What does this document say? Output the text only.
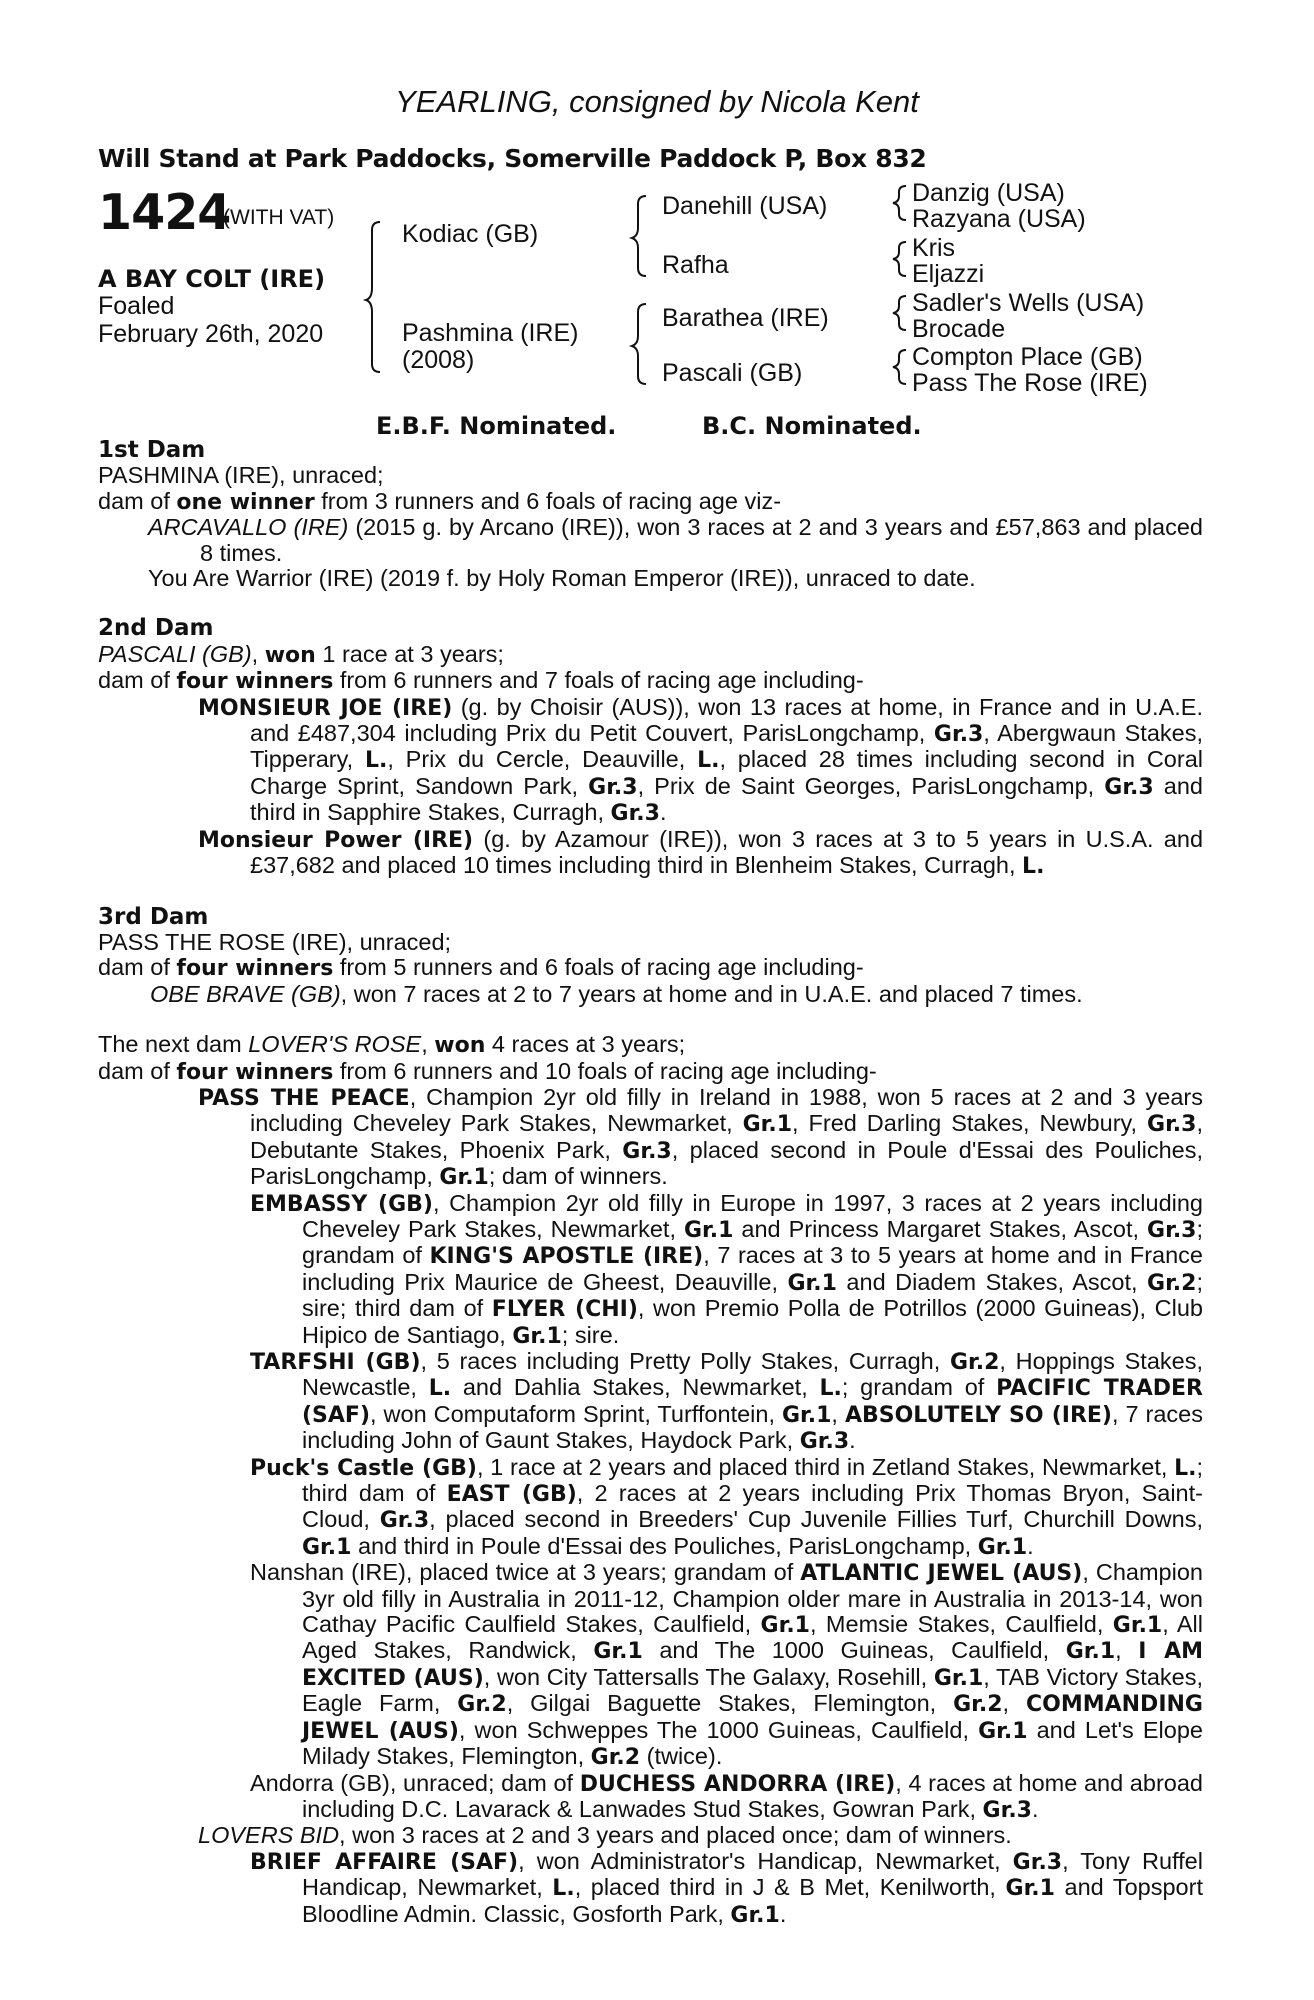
YEARLING, consigned by Nicola Kent
Will Stand at Park Paddocks, Somerville Paddock P, Box 832
1424
(WITH VAT)
A BAY COLT (IRE)
Foaled
February 26th, 2020
Kodiac (GB)
Pashmina (IRE)
(2008)
Danehill (USA)
Rafha
Barathea (IRE)
Pascali (GB)
Danzig (USA)
Razyana (USA)
Kris
Eljazzi
Sadler's Wells (USA)
Brocade
Compton Place (GB)
Pass The Rose (IRE)
E.B.F. Nominated.	B.C. Nominated.
1st Dam

PASHMINA (IRE), unraced;

dam of one winner from 3 runners and 6 foals of racing age viz-

ARCAVALLO (IRE) (2015 g. by Arcano (IRE)), won 3 races at 2 and 3 years and £57,863 and placed 8 times.

You Are Warrior (IRE) (2019 f. by Holy Roman Emperor (IRE)), unraced to date.

2nd Dam

PASCALI (GB), won 1 race at 3 years;

dam of four winners from 6 runners and 7 foals of racing age including-

MONSIEUR JOE (IRE) (g. by Choisir (AUS)), won 13 races at home, in France and in U.A.E. and £487,304 including Prix du Petit Couvert, ParisLongchamp, Gr.3, Abergwaun Stakes, Tipperary, L., Prix du Cercle, Deauville, L., placed 28 times including second in Coral Charge Sprint, Sandown Park, Gr.3, Prix de Saint Georges, ParisLongchamp, Gr.3 and third in Sapphire Stakes, Curragh, Gr.3.

Monsieur Power (IRE) (g. by Azamour (IRE)), won 3 races at 3 to 5 years in U.S.A. and £37,682 and placed 10 times including third in Blenheim Stakes, Curragh, L.

3rd Dam

PASS THE ROSE (IRE), unraced;

dam of four winners from 5 runners and 6 foals of racing age including-

OBE BRAVE (GB), won 7 races at 2 to 7 years at home and in U.A.E. and placed 7 times.

The next dam LOVER'S ROSE, won 4 races at 3 years;

dam of four winners from 6 runners and 10 foals of racing age including-

PASS THE PEACE, Champion 2yr old filly in Ireland in 1988, won 5 races at 2 and 3 years including Cheveley Park Stakes, Newmarket, Gr.1, Fred Darling Stakes, Newbury, Gr.3, Debutante Stakes, Phoenix Park, Gr.3, placed second in Poule d'Essai des Pouliches, ParisLongchamp, Gr.1; dam of winners.

EMBASSY (GB), Champion 2yr old filly in Europe in 1997, 3 races at 2 years including Cheveley Park Stakes, Newmarket, Gr.1 and Princess Margaret Stakes, Ascot, Gr.3; grandam of KING'S APOSTLE (IRE), 7 races at 3 to 5 years at home and in France including Prix Maurice de Gheest, Deauville, Gr.1 and Diadem Stakes, Ascot, Gr.2; sire; third dam of FLYER (CHI), won Premio Polla de Potrillos (2000 Guineas), Club Hipico de Santiago, Gr.1; sire.

TARFSHI (GB), 5 races including Pretty Polly Stakes, Curragh, Gr.2, Hoppings Stakes, Newcastle, L. and Dahlia Stakes, Newmarket, L.; grandam of PACIFIC TRADER (SAF), won Computaform Sprint, Turffontein, Gr.1, ABSOLUTELY SO (IRE), 7 races including John of Gaunt Stakes, Haydock Park, Gr.3.

Puck's Castle (GB), 1 race at 2 years and placed third in Zetland Stakes, Newmarket, L.; third dam of EAST (GB), 2 races at 2 years including Prix Thomas Bryon, Saint-Cloud, Gr.3, placed second in Breeders' Cup Juvenile Fillies Turf, Churchill Downs, Gr.1 and third in Poule d'Essai des Pouliches, ParisLongchamp, Gr.1.

Nanshan (IRE), placed twice at 3 years; grandam of ATLANTIC JEWEL (AUS), Champion 3yr old filly in Australia in 2011-12, Champion older mare in Australia in 2013-14, won Cathay Pacific Caulfield Stakes, Caulfield, Gr.1, Memsie Stakes, Caulfield, Gr.1, All Aged Stakes, Randwick, Gr.1 and The 1000 Guineas, Caulfield, Gr.1, I AM EXCITED (AUS), won City Tattersalls The Galaxy, Rosehill, Gr.1, TAB Victory Stakes, Eagle Farm, Gr.2, Gilgai Baguette Stakes, Flemington, Gr.2, COMMANDING JEWEL (AUS), won Schweppes The 1000 Guineas, Caulfield, Gr.1 and Let's Elope Milady Stakes, Flemington, Gr.2 (twice).

Andorra (GB), unraced; dam of DUCHESS ANDORRA (IRE), 4 races at home and abroad including D.C. Lavarack & Lanwades Stud Stakes, Gowran Park, Gr.3.

LOVERS BID, won 3 races at 2 and 3 years and placed once; dam of winners.

BRIEF AFFAIRE (SAF), won Administrator's Handicap, Newmarket, Gr.3, Tony Ruffel Handicap, Newmarket, L., placed third in J & B Met, Kenilworth, Gr.1 and Topsport Bloodline Admin. Classic, Gosforth Park, Gr.1.
